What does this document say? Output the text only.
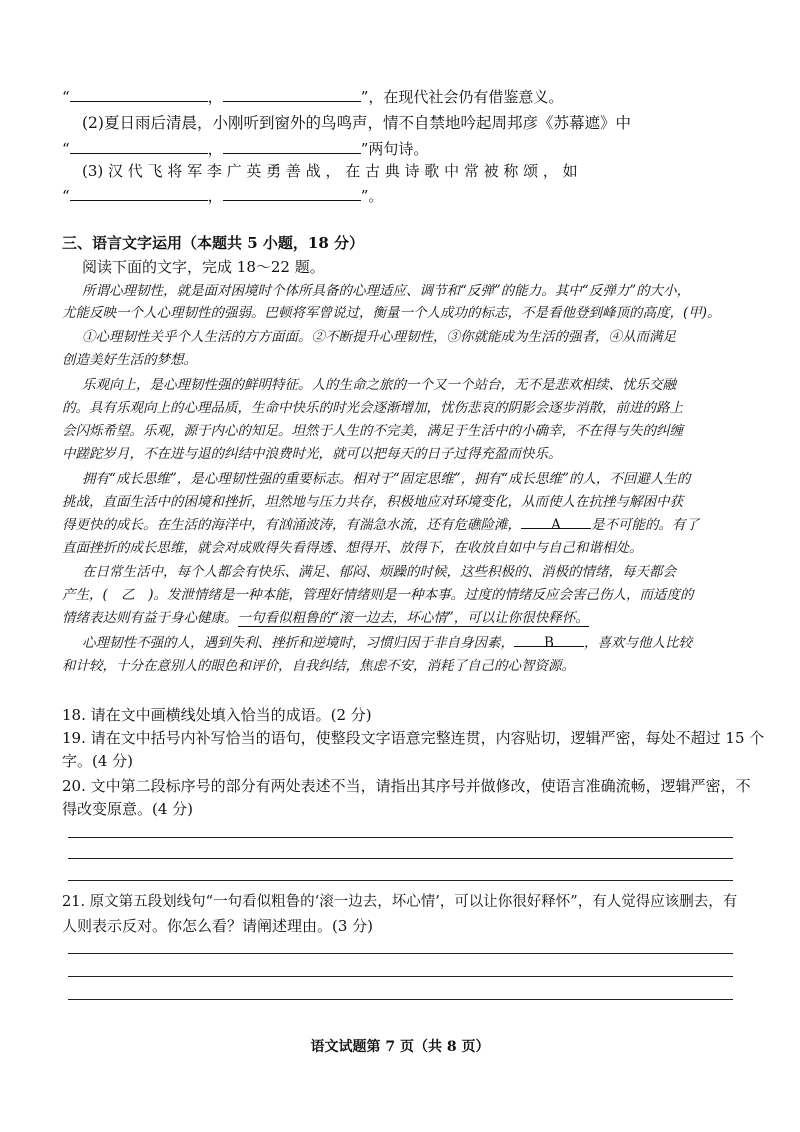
“	，	”，在现代社会仍有借鉴意义。
(2)夏日雨后清晨，小刚听到窗外的鸟鸣声，情不自禁地吟起周邦彦《苏幕遮》中
“	，	”两句诗。
(3) 汉 代 飞 将 军 李 广 英 勇 善 战 ， 在 古 典 诗 歌 中 常 被 称 颂 ， 如
“	，	”。
三、语言文字运用（本题共 5 小题，18 分）
阅读下面的文字，完成 18～22 题。
所谓心理韧性，就是面对困境时个体所具备的心理适应、调节和“反弹”的能力。其中“反弹力”的大小，
尤能反映一个人心理韧性的强弱。巴顿将军曾说过，衡量一个人成功的标志，不是看他登到峰顶的高度，(甲)。
①心理韧性关乎个人生活的方方面面。②不断提升心理韧性，③你就能成为生活的强者，④从而满足
创造美好生活的梦想。
乐观向上，是心理韧性强的鲜明特征。人的生命之旅的一个又一个站台，无不是悲欢相续、忧乐交融
的。具有乐观向上的心理品质，生命中快乐的时光会逐渐增加，忧伤悲哀的阴影会逐步消散，前进的路上
会闪烁希望。乐观，源于内心的知足。坦然于人生的不完美，满足于生活中的小确幸，不在得与失的纠缠
中蹉跎岁月，不在进与退的纠结中浪费时光，就可以把每天的日子过得充盈而快乐。
拥有“成长思维”，是心理韧性强的重要标志。相对于“固定思维”，拥有“成长思维”的人，不回避人生的
挑战，直面生活中的困境和挫折，坦然地与压力共存，积极地应对环境变化，从而使人在抗挫与解困中获
得更快的成长。在生活的海洋中，有汹涌波涛，有湍急水流，还有危礁险滩， A 是不可能的。有了
直面挫折的成长思维，就会对成败得失看得透、想得开、放得下，在收放自如中与自己和谐相处。
在日常生活中，每个人都会有快乐、满足、郁闷、烦躁的时候，这些积极的、消极的情绪，每天都会
产生，(　乙　)。发泄情绪是一种本能，管理好情绪则是一种本事。过度的情绪反应会害己伤人，而适度的
情绪表达则有益于身心健康。一句看似粗鲁的“滚一边去，坏心情”，可以让你很快释怀。
心理韧性不强的人，遇到失利、挫折和逆境时，习惯归因于非自身因素， B ，喜欢与他人比较
和计较，十分在意别人的眼色和评价，自我纠结，焦虑不安，消耗了自己的心智资源。
18. 请在文中画横线处填入恰当的成语。(2 分)
19. 请在文中括号内补写恰当的语句，使整段文字语意完整连贯，内容贴切，逻辑严密，每处不超过 15 个
字。(4 分)
20. 文中第二段标序号的部分有两处表述不当，请指出其序号并做修改，使语言准确流畅，逻辑严密，不
得改变原意。(4 分)
21. 原文第五段划线句“一句看似粗鲁的‘滚一边去，坏心情’，可以让你很好释怀”，有人觉得应该删去，有
人则表示反对。你怎么看？请阐述理由。(3 分)
语文试题第 7 页（共 8 页）
